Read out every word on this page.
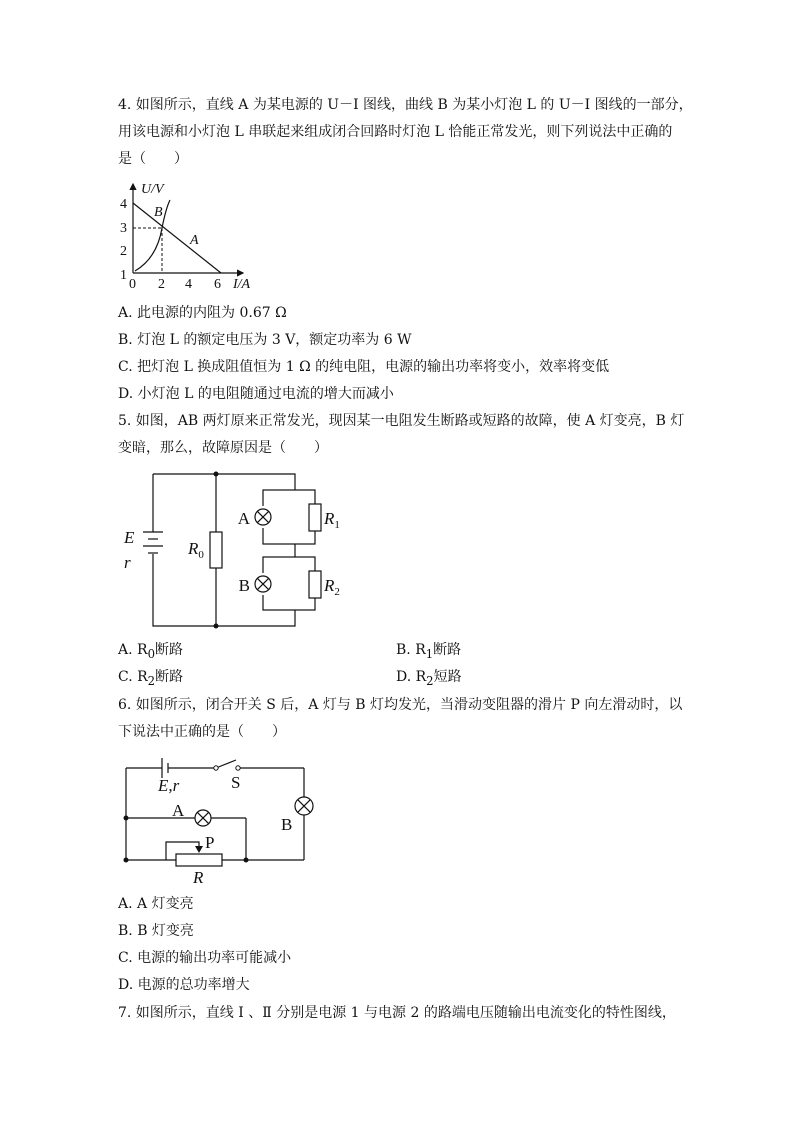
4. 如图所示，直线 A 为某电源的 U－I 图线，曲线 B 为某小灯泡 L 的 U－I 图线的一部分，
用该电源和小灯泡 L 串联起来组成闭合回路时灯泡 L 恰能正常发光，则下列说法中正确的
是（　　）
U/V
I/A
4
3
2
1
0 2 4 6
B
A
A. 此电源的内阻为 0.67 Ω
B. 灯泡 L 的额定电压为 3 V，额定功率为 6 W
C. 把灯泡 L 换成阻值恒为 1 Ω 的纯电阻，电源的输出功率将变小，效率将变低
D. 小灯泡 L 的电阻随通过电流的增大而减小
5. 如图，AB 两灯原来正常发光，现因某一电阻发生断路或短路的故障，使 A 灯变亮，B 灯
变暗，那么，故障原因是（　　）
E
r
$R_0$
A
B
$R_1$
$R_2$
A. $R_0$断路	B. $R_1$断路
C. $R_2$断路	D. $R_2$短路
6. 如图所示，闭合开关 S 后，A 灯与 B 灯均发光，当滑动变阻器的滑片 P 向左滑动时，以
下说法中正确的是（　　）
E,r	S
A
B
P
R
A. A 灯变亮
B. B 灯变亮
C. 电源的输出功率可能减小
D. 电源的总功率增大
7. 如图所示，直线 Ⅰ 、Ⅱ 分别是电源 1 与电源 2 的路端电压随输出电流变化的特性图线，
